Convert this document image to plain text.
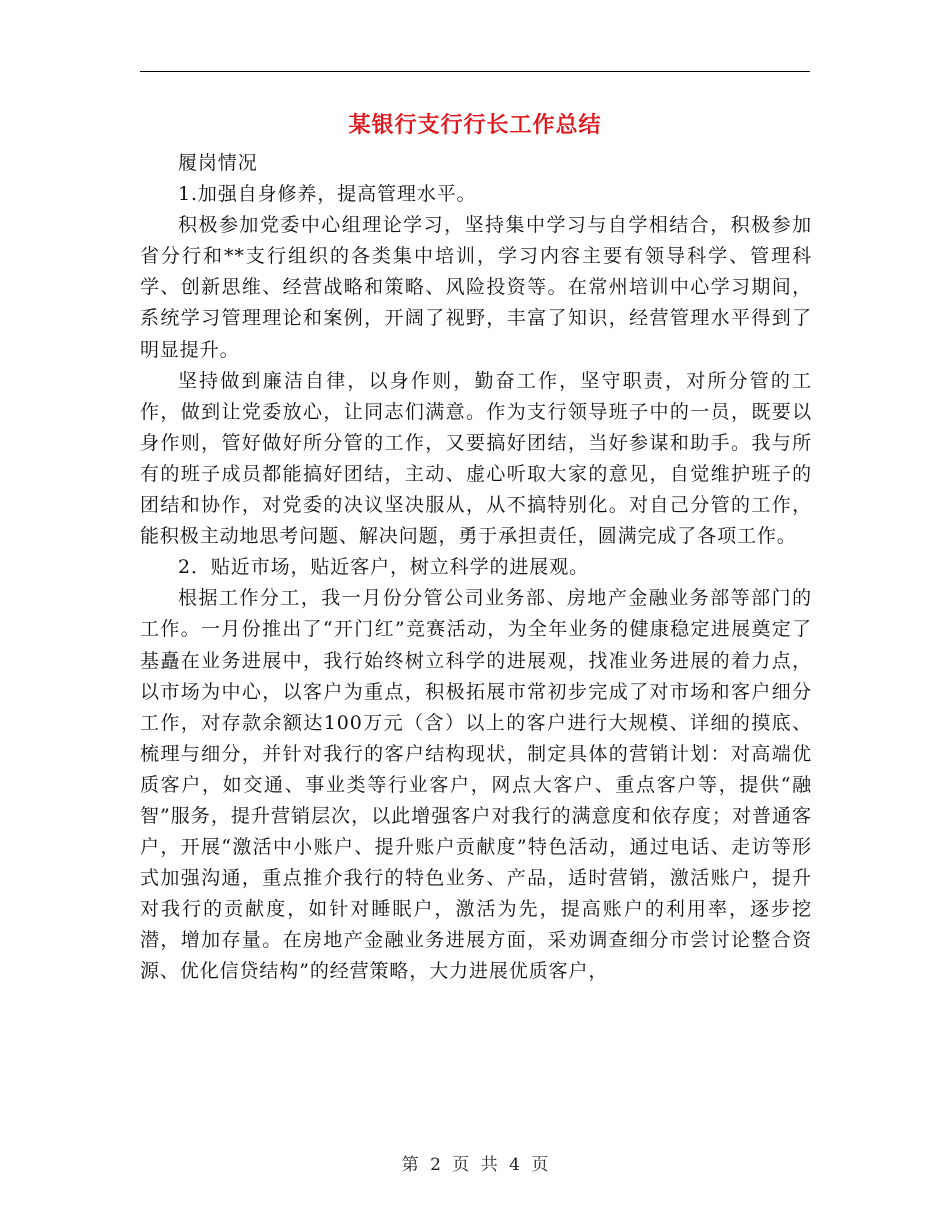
某银行支行行长工作总结

履岗情况

1.加强自身修养，提高管理水平。

积极参加党委中心组理论学习，坚持集中学习与自学相结合，积极参加省分行和**支行组织的各类集中培训，学习内容主要有领导科学、管理科学、创新思维、经营战略和策略、风险投资等。在常州培训中心学习期间，系统学习管理理论和案例，开阔了视野，丰富了知识，经营管理水平得到了明显提升。

坚持做到廉洁自律，以身作则，勤奋工作，坚守职责，对所分管的工作，做到让党委放心，让同志们满意。作为支行领导班子中的一员，既要以身作则，管好做好所分管的工作，又要搞好团结，当好参谋和助手。我与所有的班子成员都能搞好团结，主动、虚心听取大家的意见，自觉维护班子的团结和协作，对党委的决议坚决服从，从不搞特别化。对自己分管的工作，能积极主动地思考问题、解决问题，勇于承担责任，圆满完成了各项工作。

2．贴近市场，贴近客户，树立科学的进展观。

根据工作分工，我一月份分管公司业务部、房地产金融业务部等部门的工作。一月份推出了“开门红”竞赛活动，为全年业务的健康稳定进展奠定了基矗在业务进展中，我行始终树立科学的进展观，找准业务进展的着力点，以市场为中心，以客户为重点，积极拓展市常初步完成了对市场和客户细分工作，对存款余额达100万元（含）以上的客户进行大规模、详细的摸底、梳理与细分，并针对我行的客户结构现状，制定具体的营销计划：对高端优质客户，如交通、事业类等行业客户，网点大客户、重点客户等，提供“融智”服务，提升营销层次，以此增强客户对我行的满意度和依存度；对普通客户，开展“激活中小账户、提升账户贡献度”特色活动，通过电话、走访等形式加强沟通，重点推介我行的特色业务、产品，适时营销，激活账户，提升对我行的贡献度，如针对睡眠户，激活为先，提高账户的利用率，逐步挖潜，增加存量。在房地产金融业务进展方面，采劝调查细分市尝讨论整合资源、优化信贷结构”的经营策略，大力进展优质客户，

第 2 页 共 4 页
